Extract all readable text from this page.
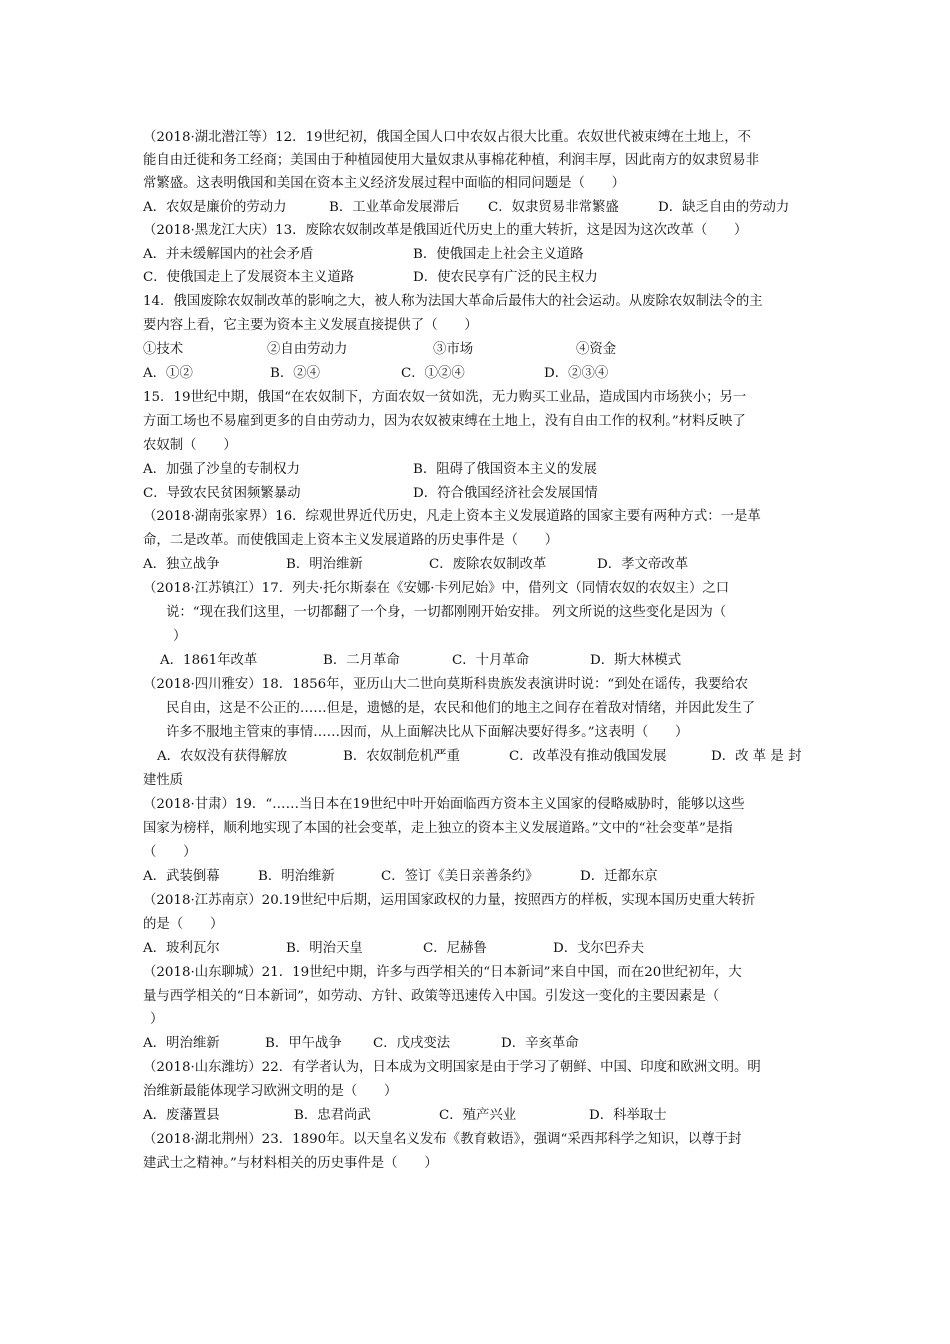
（2018·湖北潜江等）12．19世纪初，俄国全国人口中农奴占很大比重。农奴世代被束缚在土地上，不
能自由迁徙和务工经商；美国由于种植园使用大量奴隶从事棉花种植，利润丰厚，因此南方的奴隶贸易非
常繁盛。这表明俄国和美国在资本主义经济发展过程中面临的相同问题是（　　）
A．农奴是廉价的劳动力	B．工业革命发展滞后 C．奴隶贸易非常繁盛	D．缺乏自由的劳动力
（2018·黑龙江大庆）13．废除农奴制改革是俄国近代历史上的重大转折，这是因为这次改革（　　）
A．并未缓解国内的社会矛盾	B．使俄国走上社会主义道路
C．使俄国走上了发展资本主义道路	D．使农民享有广泛的民主权力
14．俄国废除农奴制改革的影响之大，被人称为法国大革命后最伟大的社会运动。从废除农奴制法令的主
要内容上看，它主要为资本主义发展直接提供了（　　）
①技术	②自由劳动力	③市场	④资金
A．①②	B．②④	C．①②④	D．②③④
15．19世纪中期，俄国“在农奴制下，方面农奴一贫如洗，无力购买工业品，造成国内市场狭小；另一
方面工场也不易雇到更多的自由劳动力，因为农奴被束缚在土地上，没有自由工作的权利。”材料反映了
农奴制（　　）
A．加强了沙皇的专制权力	B．阻碍了俄国资本主义的发展
C．导致农民贫困频繁暴动	D．符合俄国经济社会发展国情
（2018·湖南张家界）16．综观世界近代历史，凡走上资本主义发展道路的国家主要有两种方式：一是革
命，二是改革。而使俄国走上资本主义发展道路的历史事件是（　　）
A．独立战争	B．明治维新	C．废除农奴制改革	D．孝文帝改革
（2018·江苏镇江）17．列夫·托尔斯泰在《安娜·卡列尼始》中，借列文（同情农奴的农奴主）之口
说：“现在我们这里，一切都翻了一个身，一切都刚刚开始安排。 列文所说的这些变化是因为（
）
A．1861年改革	B．二月革命	C．十月革命	D．斯大林模式
（2018·四川雅安）18．1856年，亚历山大二世向莫斯科贵族发表演讲时说：“到处在谣传，我要给农
民自由，这是不公正的……但是，遗憾的是，农民和他们的地主之间存在着敌对情绪，并因此发生了
许多不服地主管束的事情……因而，从上面解决比从下面解决要好得多。”这表明（　　）
A．农奴没有获得解放	B．农奴制危机严重	C．改革没有推动俄国发展	D．改 革 是 封
建性质
（2018·甘肃）19．“……当日本在19世纪中叶开始面临西方资本主义国家的侵略威胁时，能够以这些
国家为榜样，顺利地实现了本国的社会变革，走上独立的资本主义发展道路。”文中的“社会变革”是指
（　　）
A．武装倒幕	B．明治维新	C．签订《美日亲善条约》	D．迁都东京
（2018·江苏南京）20.19世纪中后期，运用国家政权的力量，按照西方的样板，实现本国历史重大转折
的是（　　）
A．玻利瓦尔	B．明治天皇	C．尼赫鲁	D．戈尔巴乔夫
（2018·山东聊城）21．19世纪中期，许多与西学相关的“日本新词”来自中国，而在20世纪初年，大
量与西学相关的“日本新词”，如劳动、方针、政策等迅速传入中国。引发这一变化的主要因素是（
）
A．明治维新	B．甲午战争 C．戊戌变法	D．辛亥革命
（2018·山东潍坊）22．有学者认为，日本成为文明国家是由于学习了朝鲜、中国、印度和欧洲文明。明
治维新最能体现学习欧洲文明的是（　　）
A．废藩置县	B．忠君尚武	C．殖产兴业	D．科举取士
（2018·湖北荆州）23．1890年。以天皇名义发布《教育敕语》，强调“采西邦科学之知识，以尊于封
建武士之精神。”与材料相关的历史事件是（　　）
